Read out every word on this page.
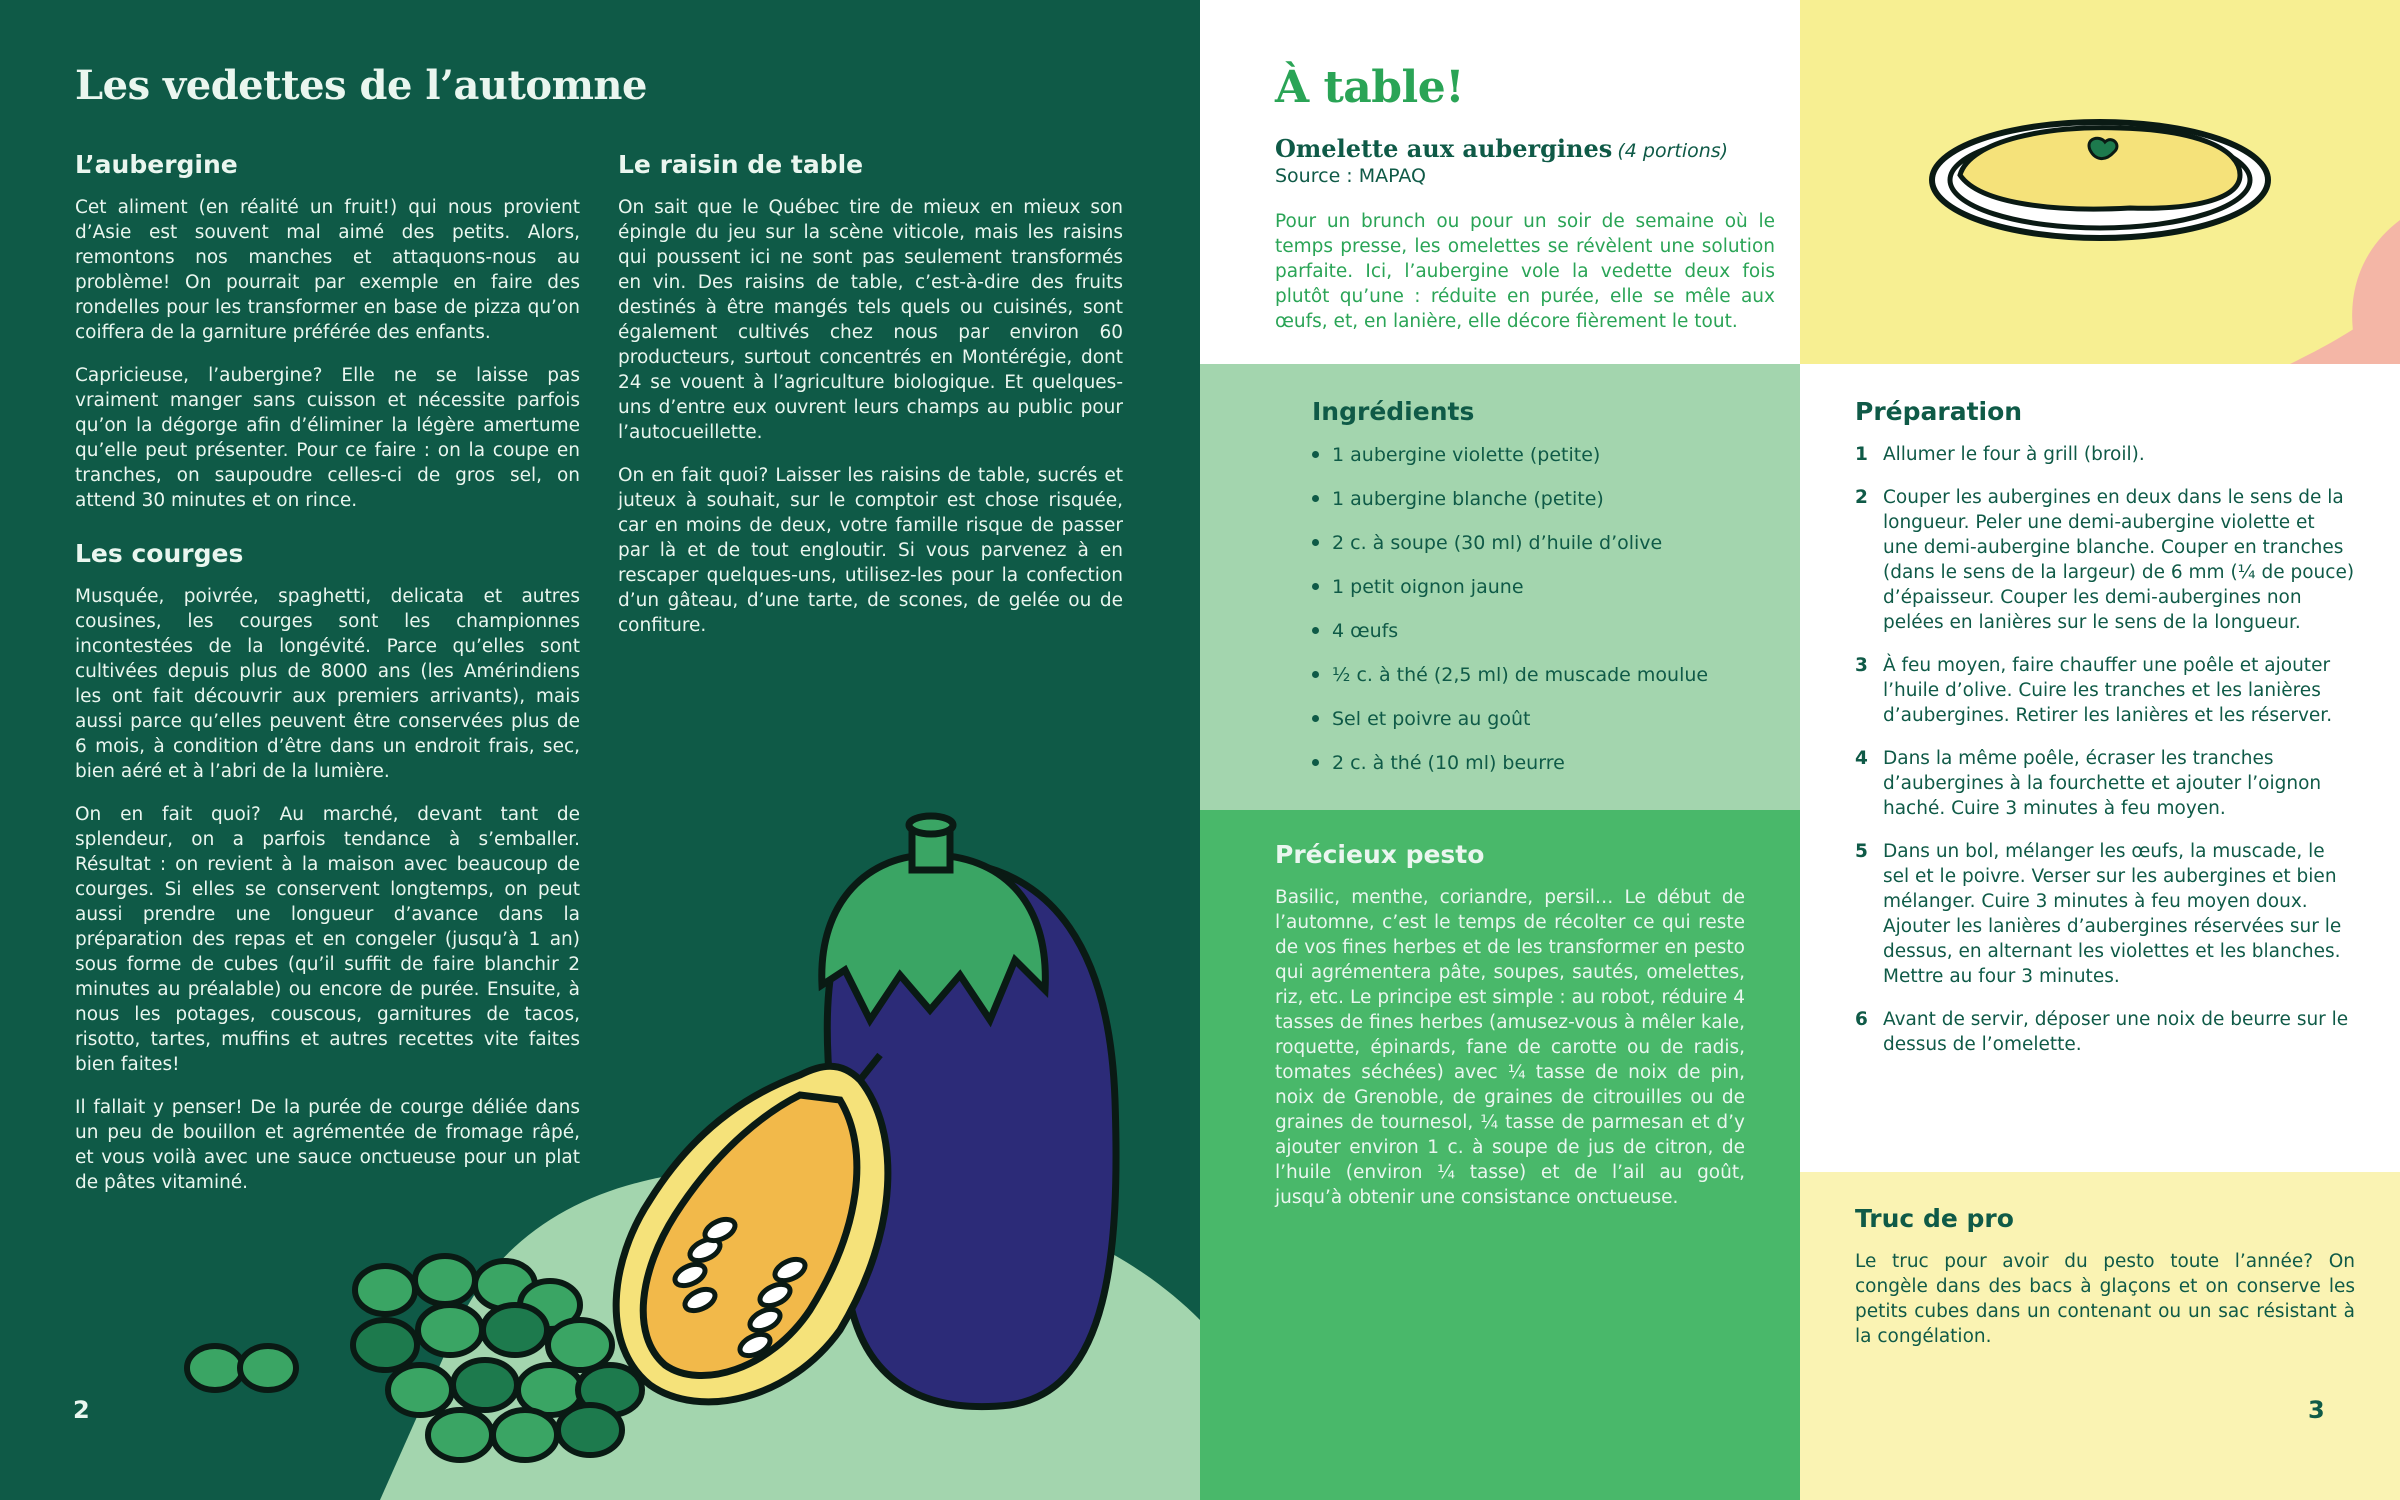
Les vedettes de l’automne
L’aubergine

Cet aliment (en réalité un fruit!) qui nous provient d’Asie est souvent mal aimé des petits. Alors, remontons nos manches et attaquons-nous au problème! On pourrait par exemple en faire des rondelles pour les transformer en base de pizza qu’on coiffera de la garniture préférée des enfants.

Capricieuse, l’aubergine? Elle ne se laisse pas vraiment manger sans cuisson et nécessite parfois qu’on la dégorge afin d’éliminer la légère amertume qu’elle peut présenter. Pour ce faire : on la coupe en tranches, on saupoudre celles-ci de gros sel, on attend 30 minutes et on rince.

Les courges

Musquée, poivrée, spaghetti, delicata et autres cousines, les courges sont les championnes incontestées de la longévité. Parce qu’elles sont cultivées depuis plus de 8000 ans (les Amérindiens les ont fait découvrir aux premiers arrivants), mais aussi parce qu’elles peuvent être conservées plus de 6 mois, à condition d’être dans un endroit frais, sec, bien aéré et à l’abri de la lumière.

On en fait quoi? Au marché, devant tant de splendeur, on a parfois tendance à s’emballer. Résultat : on revient à la maison avec beaucoup de courges. Si elles se conservent longtemps, on peut aussi prendre une longueur d’avance dans la préparation des repas et en congeler (jusqu’à 1 an) sous forme de cubes (qu’il suffit de faire blanchir 2 minutes au préalable) ou encore de purée. Ensuite, à nous les potages, couscous, garnitures de tacos, risotto, tartes, muffins et autres recettes vite faites bien faites!

Il fallait y penser! De la purée de courge déliée dans un peu de bouillon et agrémentée de fromage râpé, et vous voilà avec une sauce onctueuse pour un plat de pâtes vitaminé.

Le raisin de table

On sait que le Québec tire de mieux en mieux son épingle du jeu sur la scène viticole, mais les raisins qui poussent ici ne sont pas seulement transformés en vin. Des raisins de table, c’est-à-dire des fruits destinés à être mangés tels quels ou cuisinés, sont également cultivés chez nous par environ 60 producteurs, surtout concentrés en Montérégie, dont 24 se vouent à l’agriculture biologique. Et quelques-uns d’entre eux ouvrent leurs champs au public pour l’autocueillette.

On en fait quoi? Laisser les raisins de table, sucrés et juteux à souhait, sur le comptoir est chose risquée, car en moins de deux, votre famille risque de passer par là et de tout engloutir. Si vous parvenez à en rescaper quelques-uns, utilisez-les pour la confection d’un gâteau, d’une tarte, de scones, de gelée ou de confiture.

2
À table!
Omelette aux aubergines (4 portions)
Source : MAPAQ

Pour un brunch ou pour un soir de semaine où le temps presse, les omelettes se révèlent une solution parfaite. Ici, l’aubergine vole la vedette deux fois plutôt qu’une : réduite en purée, elle se mêle aux œufs, et, en lanière, elle décore fièrement le tout.

Ingrédients
1 aubergine violette (petite)
1 aubergine blanche (petite)
2 c. à soupe (30 ml) d’huile d’olive
1 petit oignon jaune
4 œufs
½ c. à thé (2,5 ml) de muscade moulue
Sel et poivre au goût
2 c. à thé (10 ml) beurre
Précieux pesto

Basilic, menthe, coriandre, persil… Le début de l’automne, c’est le temps de récolter ce qui reste de vos fines herbes et de les transformer en pesto qui agrémentera pâte, soupes, sautés, omelettes, riz, etc. Le principe est simple : au robot, réduire 4 tasses de fines herbes (amusez-vous à mêler kale, roquette, épinards, fane de carotte ou de radis, tomates séchées) avec ¼ tasse de noix de pin, noix de Grenoble, de graines de citrouilles ou de graines de tournesol, ¼ tasse de parmesan et d’y ajouter environ 1 c. à soupe de jus de citron, de l’huile (environ ¼ tasse) et de l’ail au goût, jusqu’à obtenir une consistance onctueuse.

Préparation
1 Allumer le four à grill (broil).
2 Couper les aubergines en deux dans le sens de la longueur. Peler une demi-aubergine violette et une demi-aubergine blanche. Couper en tranches (dans le sens de la largeur) de 6 mm (¼ de pouce) d’épaisseur. Couper les demi-aubergines non pelées en lanières sur le sens de la longueur.
3 À feu moyen, faire chauffer une poêle et ajouter l’huile d’olive. Cuire les tranches et les lanières d’aubergines. Retirer les lanières et les réserver.
4 Dans la même poêle, écraser les tranches d’aubergines à la fourchette et ajouter l’oignon haché. Cuire 3 minutes à feu moyen.
5 Dans un bol, mélanger les œufs, la muscade, le sel et le poivre. Verser sur les aubergines et bien mélanger. Cuire 3 minutes à feu moyen doux. Ajouter les lanières d’aubergines réservées sur le dessus, en alternant les violettes et les blanches. Mettre au four 3 minutes.
6 Avant de servir, déposer une noix de beurre sur le dessus de l’omelette.
Truc de pro

Le truc pour avoir du pesto toute l’année? On congèle dans des bacs à glaçons et on conserve les petits cubes dans un contenant ou un sac résistant à la congélation.

3
